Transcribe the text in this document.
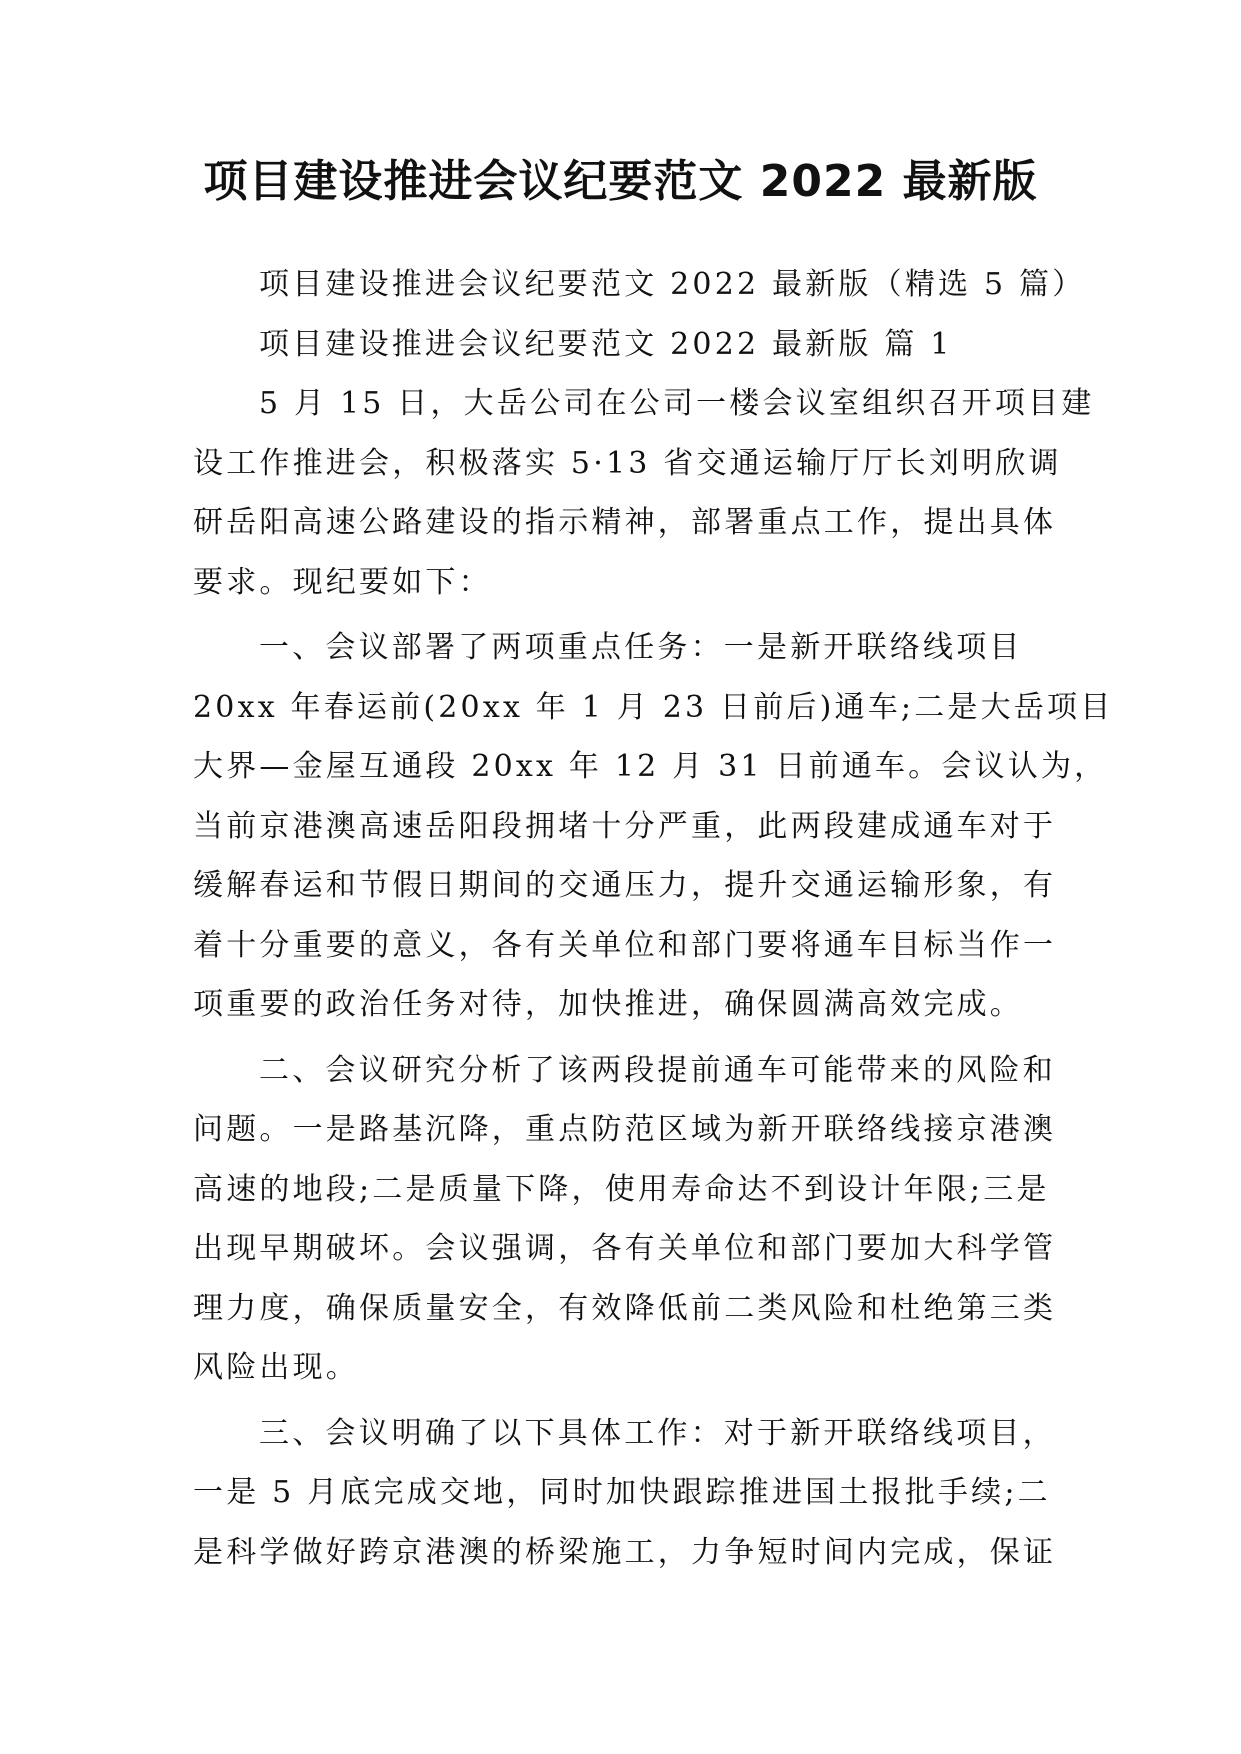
项目建设推进会议纪要范文 2022 最新版
项目建设推进会议纪要范文 2022 最新版（精选 5 篇）
项目建设推进会议纪要范文 2022 最新版 篇 1
5 月 15 日，大岳公司在公司一楼会议室组织召开项目建
设工作推进会，积极落实 5·13 省交通运输厅厅长刘明欣调
研岳阳高速公路建设的指示精神，部署重点工作，提出具体
要求。现纪要如下：
一、会议部署了两项重点任务：一是新开联络线项目
20xx 年春运前(20xx 年 1 月 23 日前后)通车;二是大岳项目
大界—金屋互通段 20xx 年 12 月 31 日前通车。会议认为，
当前京港澳高速岳阳段拥堵十分严重，此两段建成通车对于
缓解春运和节假日期间的交通压力，提升交通运输形象，有
着十分重要的意义，各有关单位和部门要将通车目标当作一
项重要的政治任务对待，加快推进，确保圆满高效完成。
二、会议研究分析了该两段提前通车可能带来的风险和
问题。一是路基沉降，重点防范区域为新开联络线接京港澳
高速的地段;二是质量下降，使用寿命达不到设计年限;三是
出现早期破坏。会议强调，各有关单位和部门要加大科学管
理力度，确保质量安全，有效降低前二类风险和杜绝第三类
风险出现。
三、会议明确了以下具体工作：对于新开联络线项目，
一是 5 月底完成交地，同时加快跟踪推进国土报批手续;二
是科学做好跨京港澳的桥梁施工，力争短时间内完成，保证
